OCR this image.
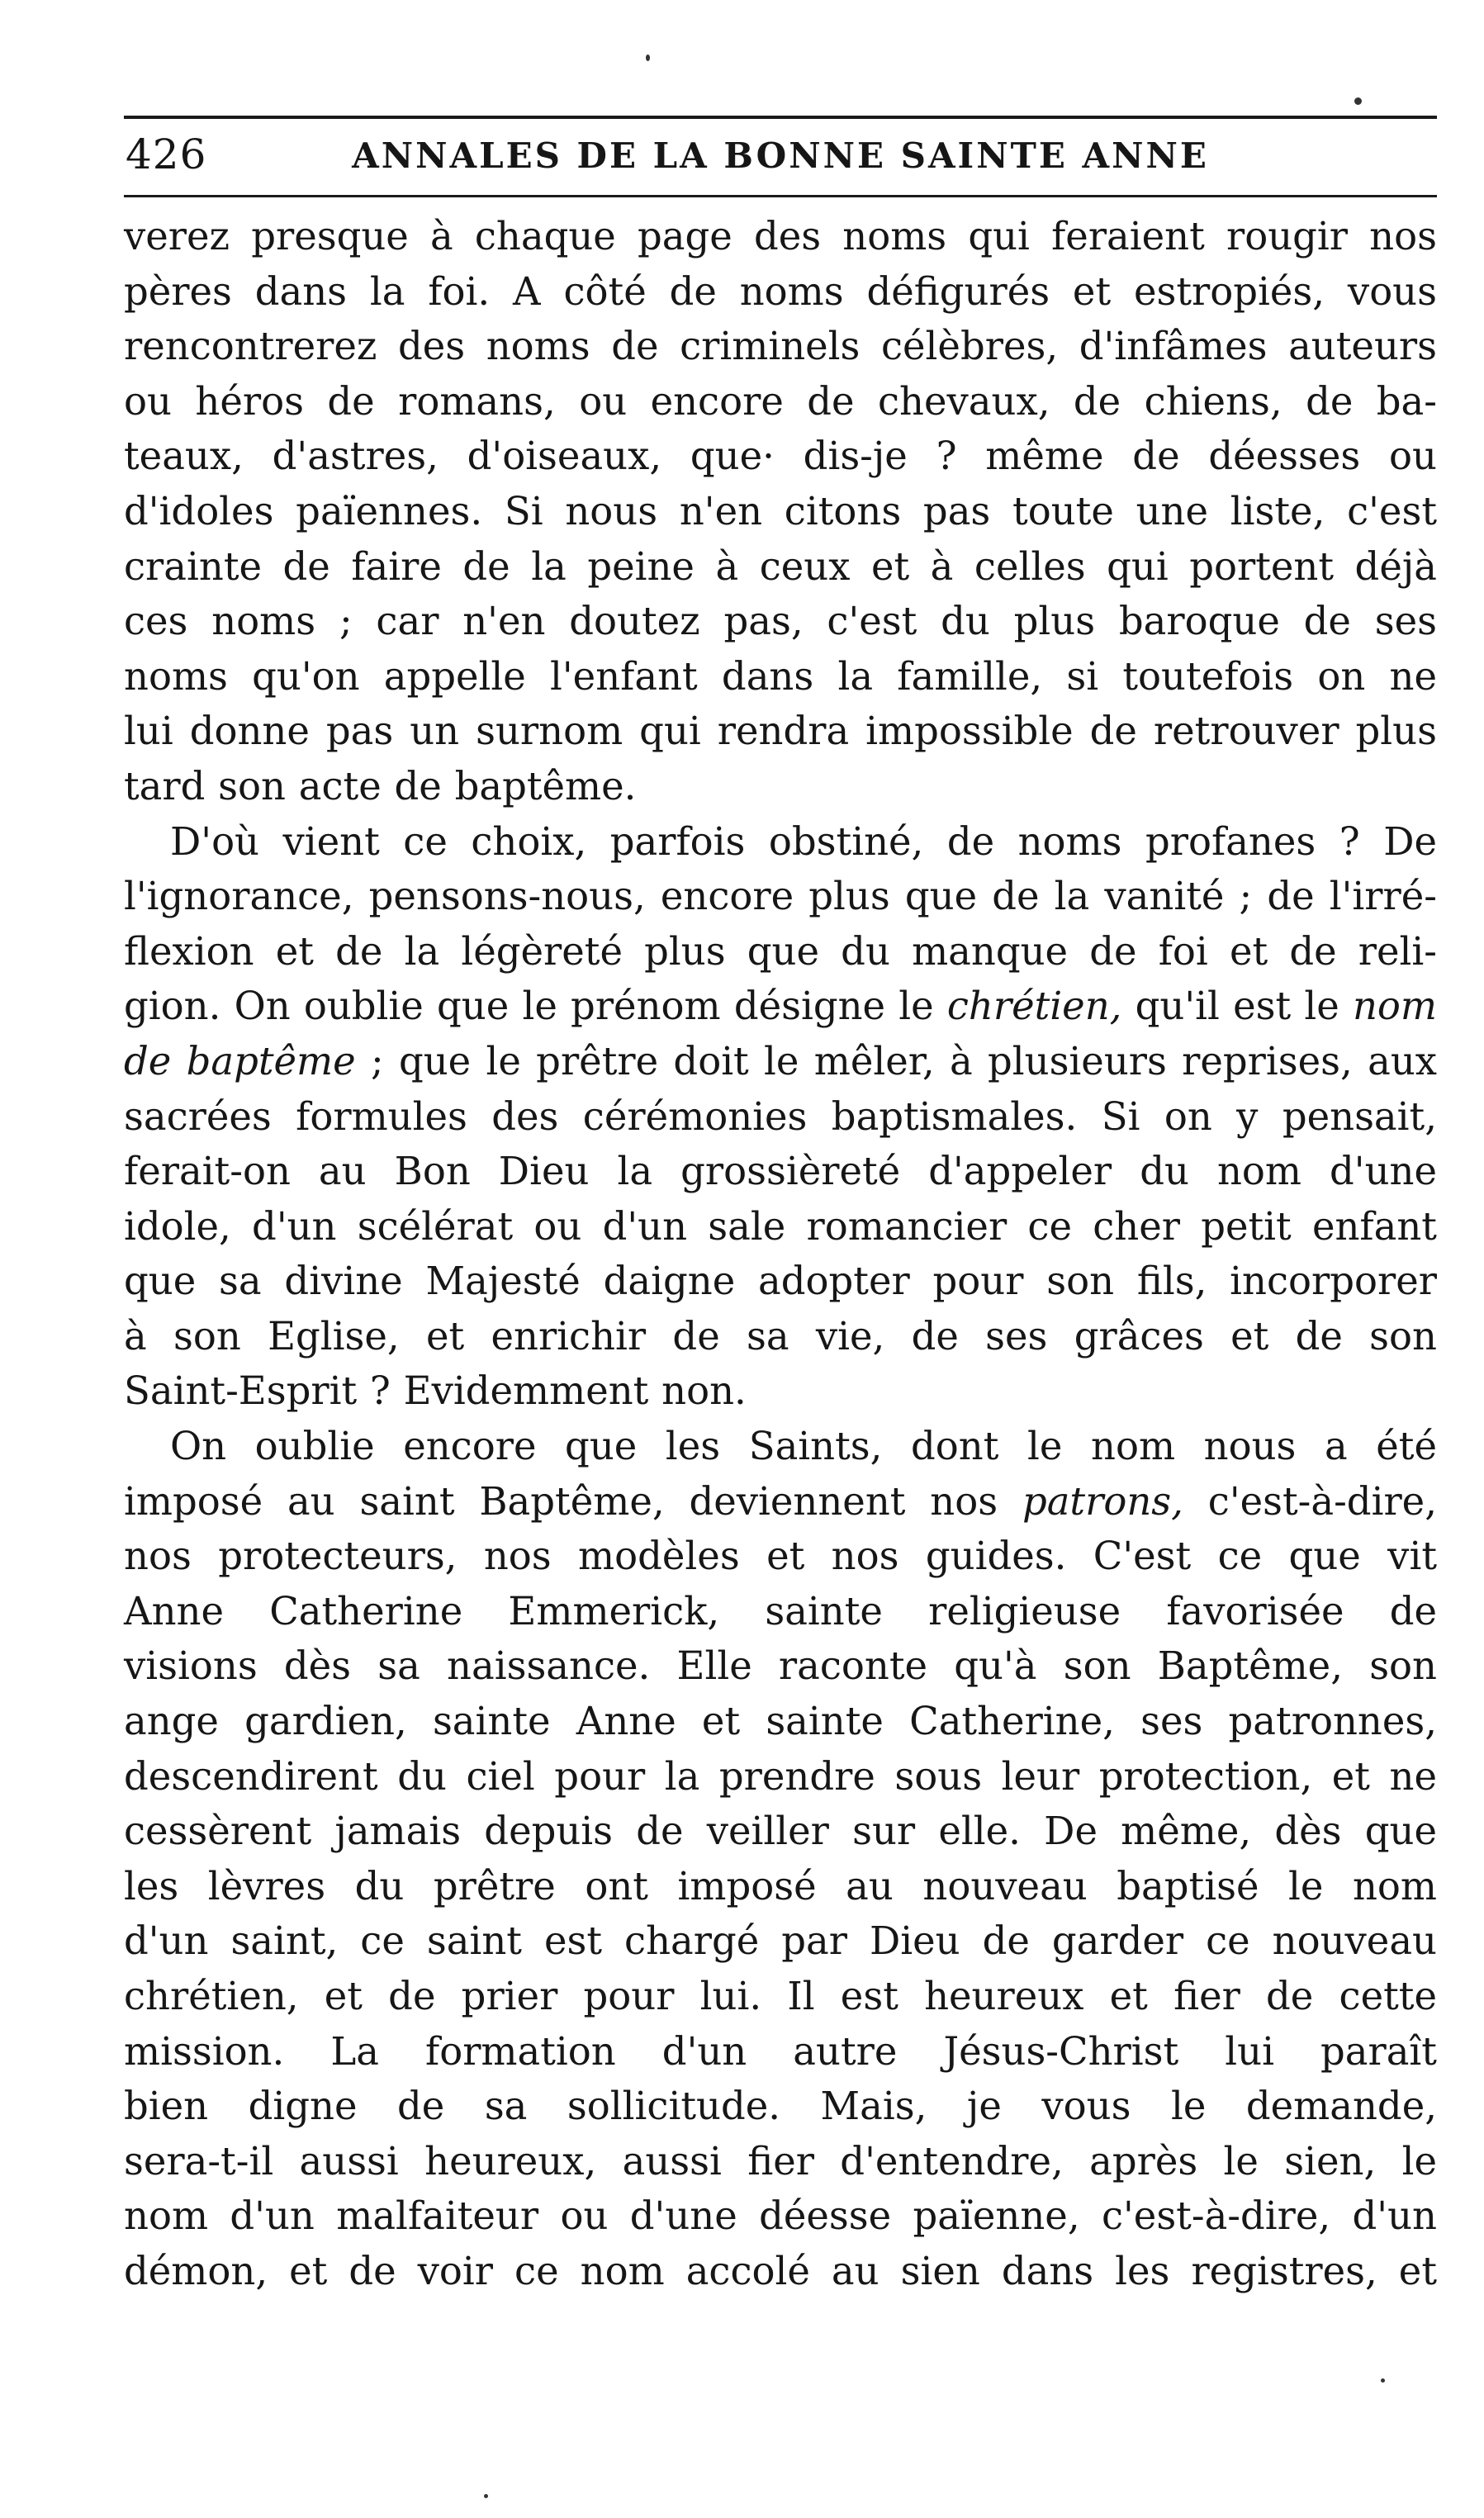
426	ANNALES DE LA BONNE SAINTE ANNE
verez presque à chaque page des noms qui feraient rougir nos
pères dans la foi. A côté de noms défigurés et estropiés, vous
rencontrerez des noms de criminels célèbres, d'infâmes auteurs
ou héros de romans, ou encore de chevaux, de chiens, de ba-
teaux, d'astres, d'oiseaux, que· dis-je ? même de déesses ou
d'idoles païennes. Si nous n'en citons pas toute une liste, c'est
crainte de faire de la peine à ceux et à celles qui portent déjà
ces noms ; car n'en doutez pas, c'est du plus baroque de ses
noms qu'on appelle l'enfant dans la famille, si toutefois on ne
lui donne pas un surnom qui rendra impossible de retrouver plus
tard son acte de baptême.
D'où vient ce choix, parfois obstiné, de noms profanes ? De
l'ignorance, pensons-nous, encore plus que de la vanité ; de l'irré-
flexion et de la légèreté plus que du manque de foi et de reli-
gion. On oublie que le prénom désigne le chrétien, qu'il est le nom
de baptême ; que le prêtre doit le mêler, à plusieurs reprises, aux
sacrées formules des cérémonies baptismales. Si on y pensait,
ferait-on au Bon Dieu la grossièreté d'appeler du nom d'une
idole, d'un scélérat ou d'un sale romancier ce cher petit enfant
que sa divine Majesté daigne adopter pour son fils, incorporer
à son Eglise, et enrichir de sa vie, de ses grâces et de son
Saint-Esprit ? Evidemment non.
On oublie encore que les Saints, dont le nom nous a été
imposé au saint Baptême, deviennent nos patrons, c'est-à-dire,
nos protecteurs, nos modèles et nos guides. C'est ce que vit
Anne Catherine Emmerick, sainte religieuse favorisée de
visions dès sa naissance. Elle raconte qu'à son Baptême, son
ange gardien, sainte Anne et sainte Catherine, ses patronnes,
descendirent du ciel pour la prendre sous leur protection, et ne
cessèrent jamais depuis de veiller sur elle. De même, dès que
les lèvres du prêtre ont imposé au nouveau baptisé le nom
d'un saint, ce saint est chargé par Dieu de garder ce nouveau
chrétien, et de prier pour lui. Il est heureux et fier de cette
mission. La formation d'un autre Jésus-Christ lui paraît
bien digne de sa sollicitude. Mais, je vous le demande,
sera-t-il aussi heureux, aussi fier d'entendre, après le sien, le
nom d'un malfaiteur ou d'une déesse païenne, c'est-à-dire, d'un
démon, et de voir ce nom accolé au sien dans les registres, et
